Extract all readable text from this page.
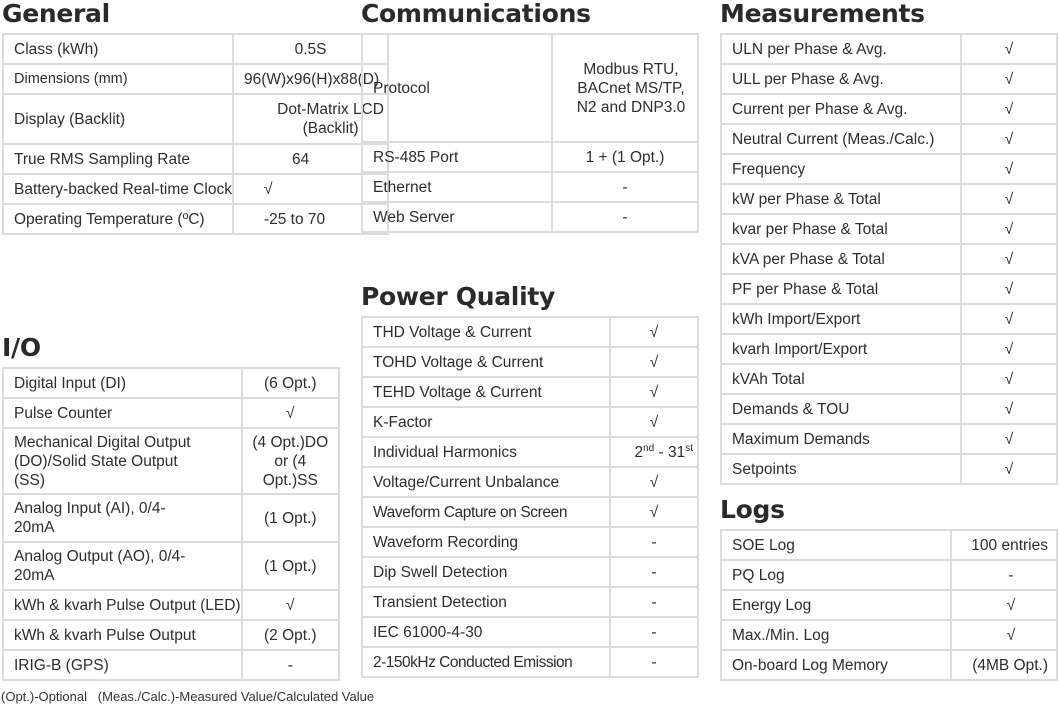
General
Class (kWh)	0.5S
Dimensions (mm)	96(W)x96(H)x88(D)
Display (Backlit)	Dot-Matrix LCD (Backlit)
True RMS Sampling Rate	64
Battery-backed Real-time Clock	√
Operating Temperature (ºC)	-25 to 70
Communications
Protocol	Modbus RTU, BACnet MS/TP, N2 and DNP3.0
RS-485 Port	1 + (1 Opt.)
Ethernet	-
Web Server	-
Measurements
ULN per Phase & Avg.	√
ULL per Phase & Avg.	√
Current per Phase & Avg.	√
Neutral Current (Meas./Calc.)	√
Frequency	√
kW per Phase & Total	√
kvar per Phase & Total	√
kVA per Phase & Total	√
PF per Phase & Total	√
kWh Import/Export	√
kvarh Import/Export	√
kVAh Total	√
Demands & TOU	√
Maximum Demands	√
Setpoints	√
Power Quality
THD Voltage & Current	√
TOHD Voltage & Current	√
TEHD Voltage & Current	√
K-Factor	√
Individual Harmonics	2nd - 31st
Voltage/Current Unbalance	√
Waveform Capture on Screen	√
Waveform Recording	-
Dip Swell Detection	-
Transient Detection	-
IEC 61000-4-30	-
2-150kHz Conducted Emission	-
I/O
Digital Input (DI)	(6 Opt.)
Pulse Counter	√
Mechanical Digital Output (DO)/Solid State Output (SS)	(4 Opt.)DO or (4 Opt.)SS
Analog Input (AI), 0/4-20mA	(1 Opt.)
Analog Output (AO), 0/4-20mA	(1 Opt.)
kWh & kvarh Pulse Output (LED)	√
kWh & kvarh Pulse Output	(2 Opt.)
IRIG-B (GPS)	-
Logs
SOE Log	100 entries
PQ Log	-
Energy Log	√
Max./Min. Log	√
On-board Log Memory	(4MB Opt.)
(Opt.)-Optional   (Meas./Calc.)-Measured Value/Calculated Value
